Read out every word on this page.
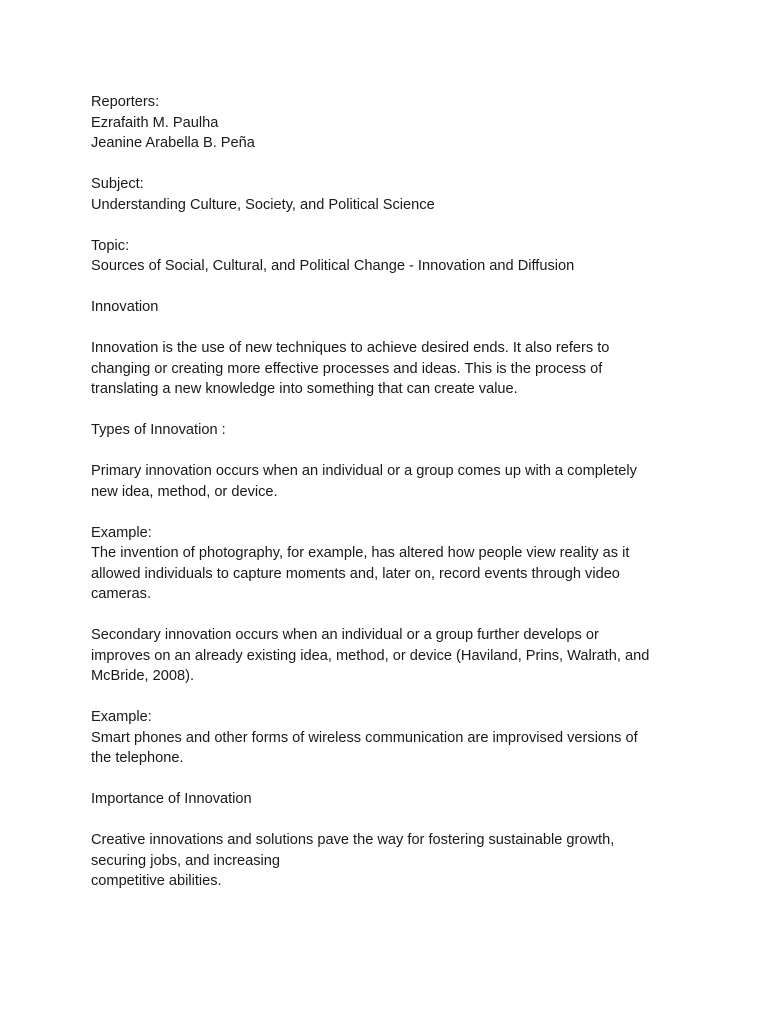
Reporters:
Ezrafaith M. Paulha
Jeanine Arabella B. Peña
Subject:
Understanding Culture, Society, and Political Science
Topic:
Sources of Social, Cultural, and Political Change - Innovation and Diffusion
Innovation
Innovation is the use of new techniques to achieve desired ends. It also refers to
changing or creating more effective processes and ideas. This is the process of
translating a new knowledge into something that can create value.
Types of Innovation :
Primary innovation occurs when an individual or a group comes up with a completely
new idea, method, or device.
Example:
The invention of photography, for example, has altered how people view reality as it
allowed individuals to capture moments and, later on, record events through video
cameras.
Secondary innovation occurs when an individual or a group further develops or
improves on an already existing idea, method, or device (Haviland, Prins, Walrath, and
McBride, 2008).
Example:
Smart phones and other forms of wireless communication are improvised versions of
the telephone.
Importance of Innovation
Creative innovations and solutions pave the way for fostering sustainable growth,
securing jobs, and increasing
competitive abilities.
